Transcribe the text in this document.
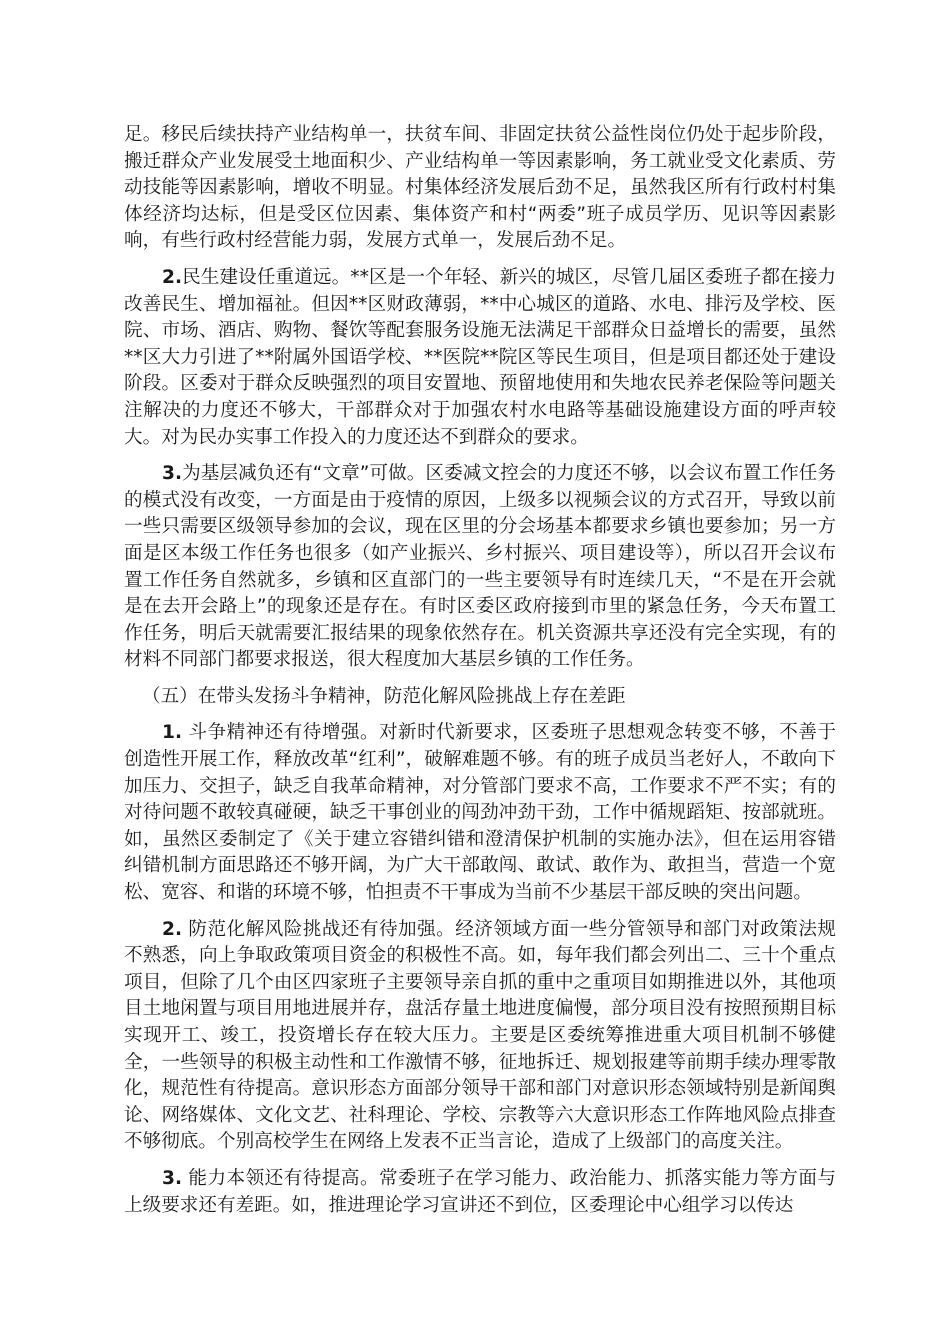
足。移民后续扶持产业结构单一，扶贫车间、非固定扶贫公益性岗位仍处于起步阶段，搬迁群众产业发展受土地面积少、产业结构单一等因素影响，务工就业受文化素质、劳动技能等因素影响，增收不明显。村集体经济发展后劲不足，虽然我区所有行政村村集体经济均达标，但是受区位因素、集体资产和村“两委”班子成员学历、见识等因素影响，有些行政村经营能力弱，发展方式单一，发展后劲不足。

2.民生建设任重道远。**区是一个年轻、新兴的城区，尽管几届区委班子都在接力改善民生、增加福祉。但因**区财政薄弱，**中心城区的道路、水电、排污及学校、医院、市场、酒店、购物、餐饮等配套服务设施无法满足干部群众日益增长的需要，虽然**区大力引进了**附属外国语学校、**医院**院区等民生项目，但是项目都还处于建设阶段。区委对于群众反映强烈的项目安置地、预留地使用和失地农民养老保险等问题关注解决的力度还不够大，干部群众对于加强农村水电路等基础设施建设方面的呼声较大。对为民办实事工作投入的力度还达不到群众的要求。

3.为基层减负还有“文章”可做。区委减文控会的力度还不够，以会议布置工作任务的模式没有改变，一方面是由于疫情的原因，上级多以视频会议的方式召开，导致以前一些只需要区级领导参加的会议，现在区里的分会场基本都要求乡镇也要参加；另一方面是区本级工作任务也很多（如产业振兴、乡村振兴、项目建设等），所以召开会议布置工作任务自然就多，乡镇和区直部门的一些主要领导有时连续几天，“不是在开会就是在去开会路上”的现象还是存在。有时区委区政府接到市里的紧急任务，今天布置工作任务，明后天就需要汇报结果的现象依然存在。机关资源共享还没有完全实现，有的材料不同部门都要求报送，很大程度加大基层乡镇的工作任务。

（五）在带头发扬斗争精神，防范化解风险挑战上存在差距

1. 斗争精神还有待增强。对新时代新要求，区委班子思想观念转变不够，不善于创造性开展工作，释放改革“红利”，破解难题不够。有的班子成员当老好人，不敢向下加压力、交担子，缺乏自我革命精神，对分管部门要求不高，工作要求不严不实；有的对待问题不敢较真碰硬，缺乏干事创业的闯劲冲劲干劲，工作中循规蹈矩、按部就班。如，虽然区委制定了《关于建立容错纠错和澄清保护机制的实施办法》，但在运用容错纠错机制方面思路还不够开阔，为广大干部敢闯、敢试、敢作为、敢担当，营造一个宽松、宽容、和谐的环境不够，怕担责不干事成为当前不少基层干部反映的突出问题。

2. 防范化解风险挑战还有待加强。经济领域方面一些分管领导和部门对政策法规不熟悉，向上争取政策项目资金的积极性不高。如，每年我们都会列出二、三十个重点项目，但除了几个由区四家班子主要领导亲自抓的重中之重项目如期推进以外，其他项目土地闲置与项目用地进展并存，盘活存量土地进度偏慢，部分项目没有按照预期目标实现开工、竣工，投资增长存在较大压力。主要是区委统筹推进重大项目机制不够健全，一些领导的积极主动性和工作激情不够，征地拆迁、规划报建等前期手续办理零散化，规范性有待提高。意识形态方面部分领导干部和部门对意识形态领域特别是新闻舆论、网络媒体、文化文艺、社科理论、学校、宗教等六大意识形态工作阵地风险点排查不够彻底。个别高校学生在网络上发表不正当言论，造成了上级部门的高度关注。

3. 能力本领还有待提高。常委班子在学习能力、政治能力、抓落实能力等方面与上级要求还有差距。如，推进理论学习宣讲还不到位，区委理论中心组学习以传达
